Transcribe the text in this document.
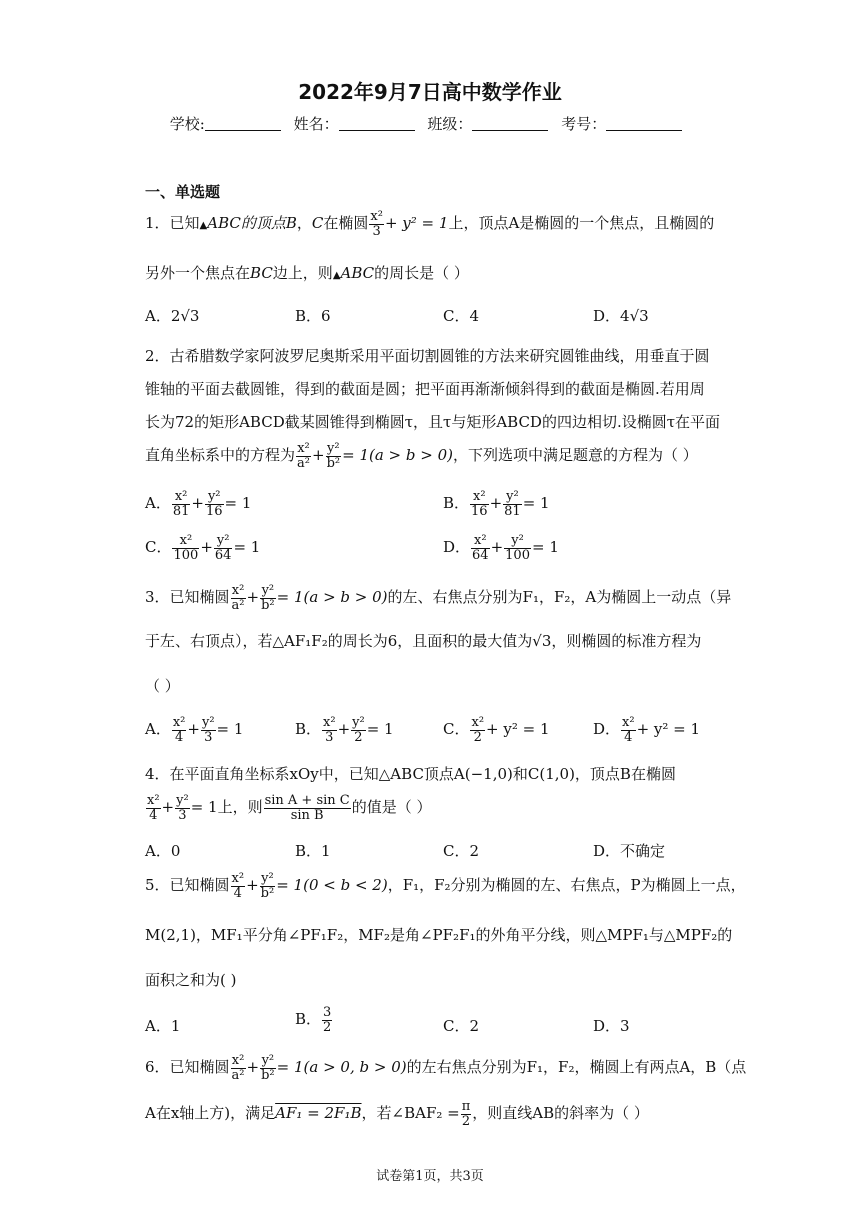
2022年9月7日高中数学作业
学校:	姓名：	班级：	考号：
一、单选题
1．已知▲ABC的顶点B，C在椭圆 $\frac{\text{x²}}{3} + y^2 = 1$上，顶点A是椭圆的一个焦点，且椭圆的
另外一个焦点在BC边上，则▲ABC的周长是（ ）
A．2√3	B．6	C．4	D．4√3
2．古希腊数学家阿波罗尼奥斯采用平面切割圆锥的方法来研究圆锥曲线，用垂直于圆
锥轴的平面去截圆锥，得到的截面是圆；把平面再渐渐倾斜得到的截面是椭圆.若用周
长为72的矩形ABCD截某圆锥得到椭圆τ，且τ与矩形ABCD的四边相切.设椭圆τ在平面
直角坐标系中的方程为 $\frac{\text{x²}}{\text{a²}} + \frac{\text{y²}}{\text{b²}} = 1(a > b > 0)$，下列选项中满足题意的方程为（ ）
A． $\frac{\text{x²}}{81} + \frac{\text{y²}}{16} = 1$	B． $\frac{\text{x²}}{16} + \frac{\text{y²}}{81} = 1$
C． $\frac{\text{x²}}{100} + \frac{\text{y²}}{64} = 1$	D． $\frac{\text{x²}}{64} + \frac{\text{y²}}{100} = 1$
3．已知椭圆 $\frac{\text{x²}}{\text{a²}} + \frac{\text{y²}}{\text{b²}} = 1(a > b > 0)$的左、右焦点分别为F₁，F₂，A为椭圆上一动点（异
于左、右顶点），若△AF₁F₂的周长为6，且面积的最大值为√3，则椭圆的标准方程为
（ ）
A． $\frac{\text{x²}}{4} + \frac{\text{y²}}{3} = 1$	B． $\frac{\text{x²}}{3} + \frac{\text{y²}}{2} = 1$	C． $\frac{\text{x²}}{2} + y^2 = 1$	D． $\frac{\text{x²}}{4} + y^2 = 1$
4．在平面直角坐标系xOy中，已知△ABC顶点A(−1,0)和C(1,0)，顶点B在椭圆
$\frac{\text{x²}}{4} + \frac{\text{y²}}{3} = 1$上，则 $\frac{\text{sin A + sin C}}{\text{sin B}}$ 的值是（ ）
A．0	B．1	C．2	D．不确定
5．已知椭圆 $\frac{\text{x²}}{4} + \frac{\text{y²}}{\text{b²}} = 1(0 < b < 2)$，F₁，F₂分别为椭圆的左、右焦点，P为椭圆上一点，
M(2,1)，MF₁平分角∠PF₁F₂，MF₂是角∠PF₂F₁的外角平分线，则△MPF₁与△MPF₂的
面积之和为( )
A．1	B． $\frac{3}{2}$	C．2	D．3
6．已知椭圆 $\frac{\text{x²}}{\text{a²}} + \frac{\text{y²}}{\text{b²}} = 1(a > 0$, b > 0)的左右焦点分别为F₁，F₂，椭圆上有两点A，B（点
A在x轴上方)，满足AF₁ = 2F₁B，若∠BAF₂ = $\frac{\pi}{2}$ ，则直线AB的斜率为（ ）
试卷第1页，共3页
